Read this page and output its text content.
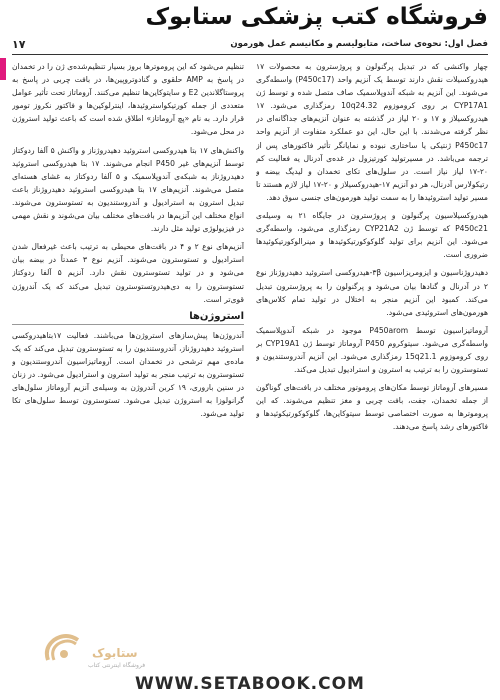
فروشگاه کتب پزشکی ستابوک
۱۷	فصل اول: نحوه‌ی ساخت، متابولیسم و مکانیسم عمل هورمون

چهار واکنشی که در تبدیل پرگنولون و پروژسترون به محصولات ۱۷ هیدروکسیلات نقش دارند توسط یک آنزیم واحد (P450c17) واسطه‌گری می‌شوند. این آنزیم به شبکه آندوپلاسمیک صاف متصل شده و توسط ژن CYP17A1 بر روی کروموزوم 10q24.32 رمزگذاری می‌شود. ۱۷ هیدروکسیلاز و ۱۷ و ۲۰ لیاز در گذشته به عنوان آنزیم‌های جداگانه‌ای در نظر گرفته می‌شدند. با این حال، این دو عملکرد متفاوت از آنزیم واحد P450c17 ژنتیکی یا ساختاری نبوده و نمایانگر تأثیر فاکتورهای پس از ترجمه می‌باشد. در مسیرتولید کورتیزول در غده‌ی آدرنال یه فعالیت کم ۲۰-۱۷ لیاز نیاز است. در سلول‌های تکای تخمدان و لیدیگ بیضه و رتیکولارس آدرنال، هر دو آنزیم ۱۷-هیدروکسیلاز و ۲۰-۱۷ لیاز لازم هستند تا مسیر تولید استروئیدها را به سمت تولید هورمون‌های جنسی سوق دهد.

هیدروکسیلاسیون پرگنولون و پروژسترون در جایگاه ۲۱ به وسیله‌ی P450c21 که توسط ژن CYP21A2 رمزگذاری می‌شود، واسطه‌گری می‌شود. این آنزیم برای تولید گلوکوکورتیکوئیدها و مینرالوکورتیکوئیدها ضروری است.

دهیدروژناسیون و ایزومریزاسیون ۳β-هیدروکسی استروئید دهیدروژناز نوع ۲ در آدرنال و گنادها بیان می‌شود و پرگنولون را به پروژسترون تبدیل می‌کند. کمبود این آنزیم منجر به اختلال در تولید تمام کلاس‌های هورمون‌های استروئیدی می‌شود.

آروماتیزاسیون توسط P450arom موجود در شبکه آندوپلاسمیک واسطه‌گری می‌شود. سیتوکروم P450 آروماتاز توسط ژن CYP19A1 بر روی کروموزوم 15q21.1 رمزگذاری می‌شود. این آنزیم آندروستندیون و تستوسترون را به ترتیب به استرون و استرادیول تبدیل می‌کند.

مسیرهای آروماتاز توسط مکان‌های پروموتور مختلف در بافت‌های گوناگون از جمله تخمدان، جفت، بافت چربی و مغز تنظیم می‌شوند. که این پروموترها به صورت اختصاصی توسط سیتوکاین‌ها، گلوکوکورتیکوئیدها و فاکتورهای رشد پاسخ می‌دهند.

تنظیم می‌شود که این پروموترها بروز بسیار تنظیم‌شده‌ی ژن را در تخمدان در پاسخ به AMP حلقوی و گنادوتروپین‌ها، در بافت چربی در پاسخ به پروستاگلاندین E2 و سایتوکاین‌ها تنظیم می‌کنند. آروماتاز تحت تأثیر عوامل متعددی از جمله کورتیکواستروئیدها، اینترلوکین‌ها و فاکتور نکروز تومور قرار دارد. به نام «پچ آروماتاز» اطلاق شده است که باعث تولید استروژن در محل می‌شود.

واکنش‌های ۱۷ بتا هیدروکسی استروئید دهیدروژناز و واکنش ۵ آلفا ردوکتاز توسط آنزیم‌های غیر P450 انجام می‌شوند. ۱۷ بتا هیدروکسی استروئید دهیدروژناز به شبکه‌ی آندوپلاسمیک و ۵ آلفا ردوکتاز به غشای هسته‌ای متصل می‌شوند. آنزیم‌های ۱۷ بتا هیدروکسی استروئید دهیدروژناز باعث تبدیل استرون به استرادیول و آندروستندیون به تستوسترون می‌شوند. انواع مختلف این آنزیم‌ها در بافت‌های مختلف بیان می‌شوند و نقش مهمی در فیزیولوژی تولید مثل دارند.

آنزیم‌های نوع ۲ و ۴ در بافت‌های محیطی به ترتیب باعث غیرفعال شدن استرادیول و تستوسترون می‌شوند. آنزیم نوع ۳ عمدتاً در بیضه بیان می‌شود و در تولید تستوسترون نقش دارد. آنزیم ۵ آلفا ردوکتاز تستوسترون را به دی‌هیدروتستوسترون تبدیل می‌کند که یک آندروژن قوی‌تر است.

استروژن‌ها

آندروژن‌ها پیش‌سازهای استروژن‌ها می‌باشند. فعالیت ۱۷بتاهیدروکسی استروئید دهیدروژناز، آندروستندیون را به تستوسترون تبدیل می‌کند که یک ماده‌ی مهم ترشحی در تخمدان است. آروماتیزاسیون آندروستندیون و تستوسترون به ترتیب منجر به تولید استرون و استرادیول می‌شود. در زنان در سنین باروری، ۱۹ کربن آندروژن به وسیله‌ی آنزیم آروماتاز سلول‌های گرانولوزا به استروژن تبدیل می‌شود. تستوسترون توسط سلول‌های تکا تولید می‌شود.

ستابوک
فروشگاه اینترنتی کتاب
WWW.SETABOOK.COM
